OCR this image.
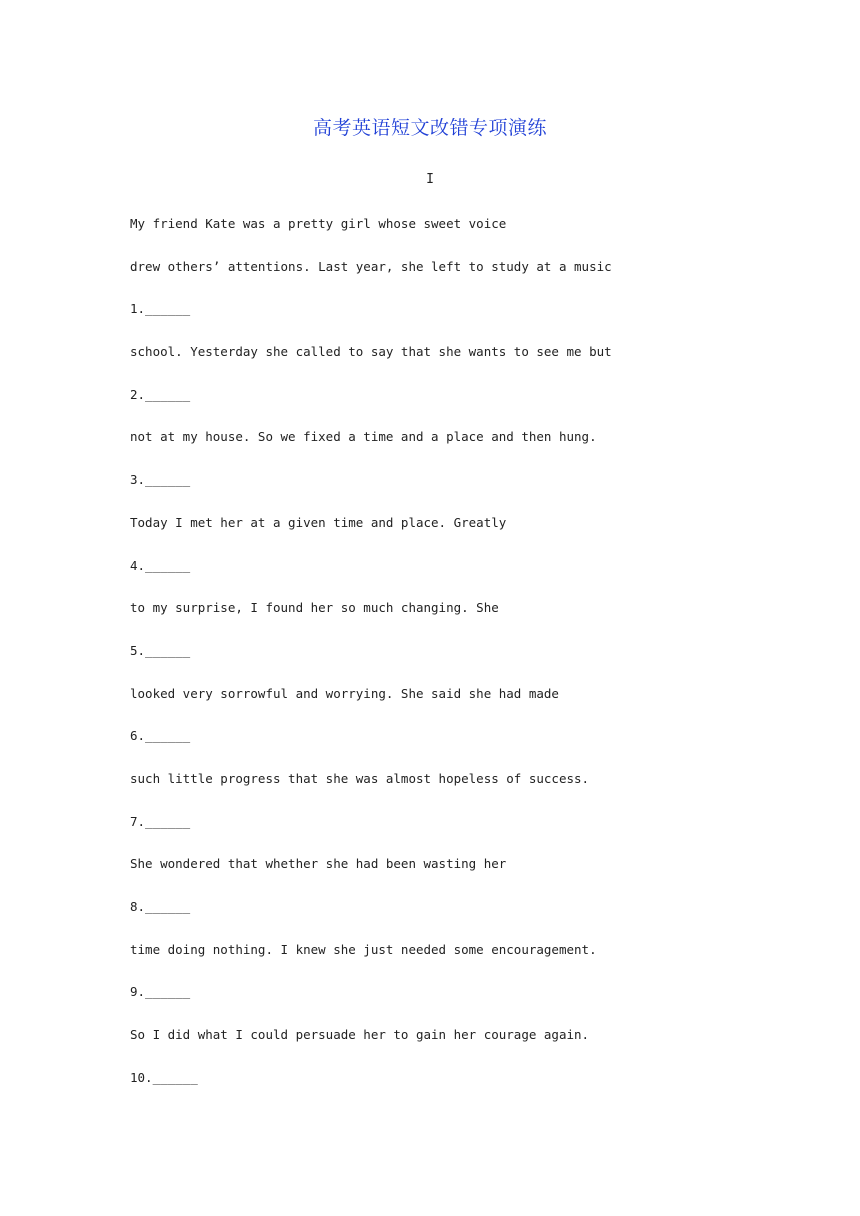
高考英语短文改错专项演练
I
My friend Kate was a pretty girl whose sweet voice
drew others’ attentions. Last year, she left to study at a music
1.______
school. Yesterday she called to say that she wants to see me but
2.______
not at my house. So we fixed a time and a place and then hung.
3.______
Today I met her at a given time and place. Greatly
4.______
to my surprise, I found her so much changing. She
5.______
looked very sorrowful and worrying. She said she had made
6.______
such little progress that she was almost hopeless of success.
7.______
She wondered that whether she had been wasting her
8.______
time doing nothing. I knew she just needed some encouragement.
9.______
So I did what I could persuade her to gain her courage again.
10.______
